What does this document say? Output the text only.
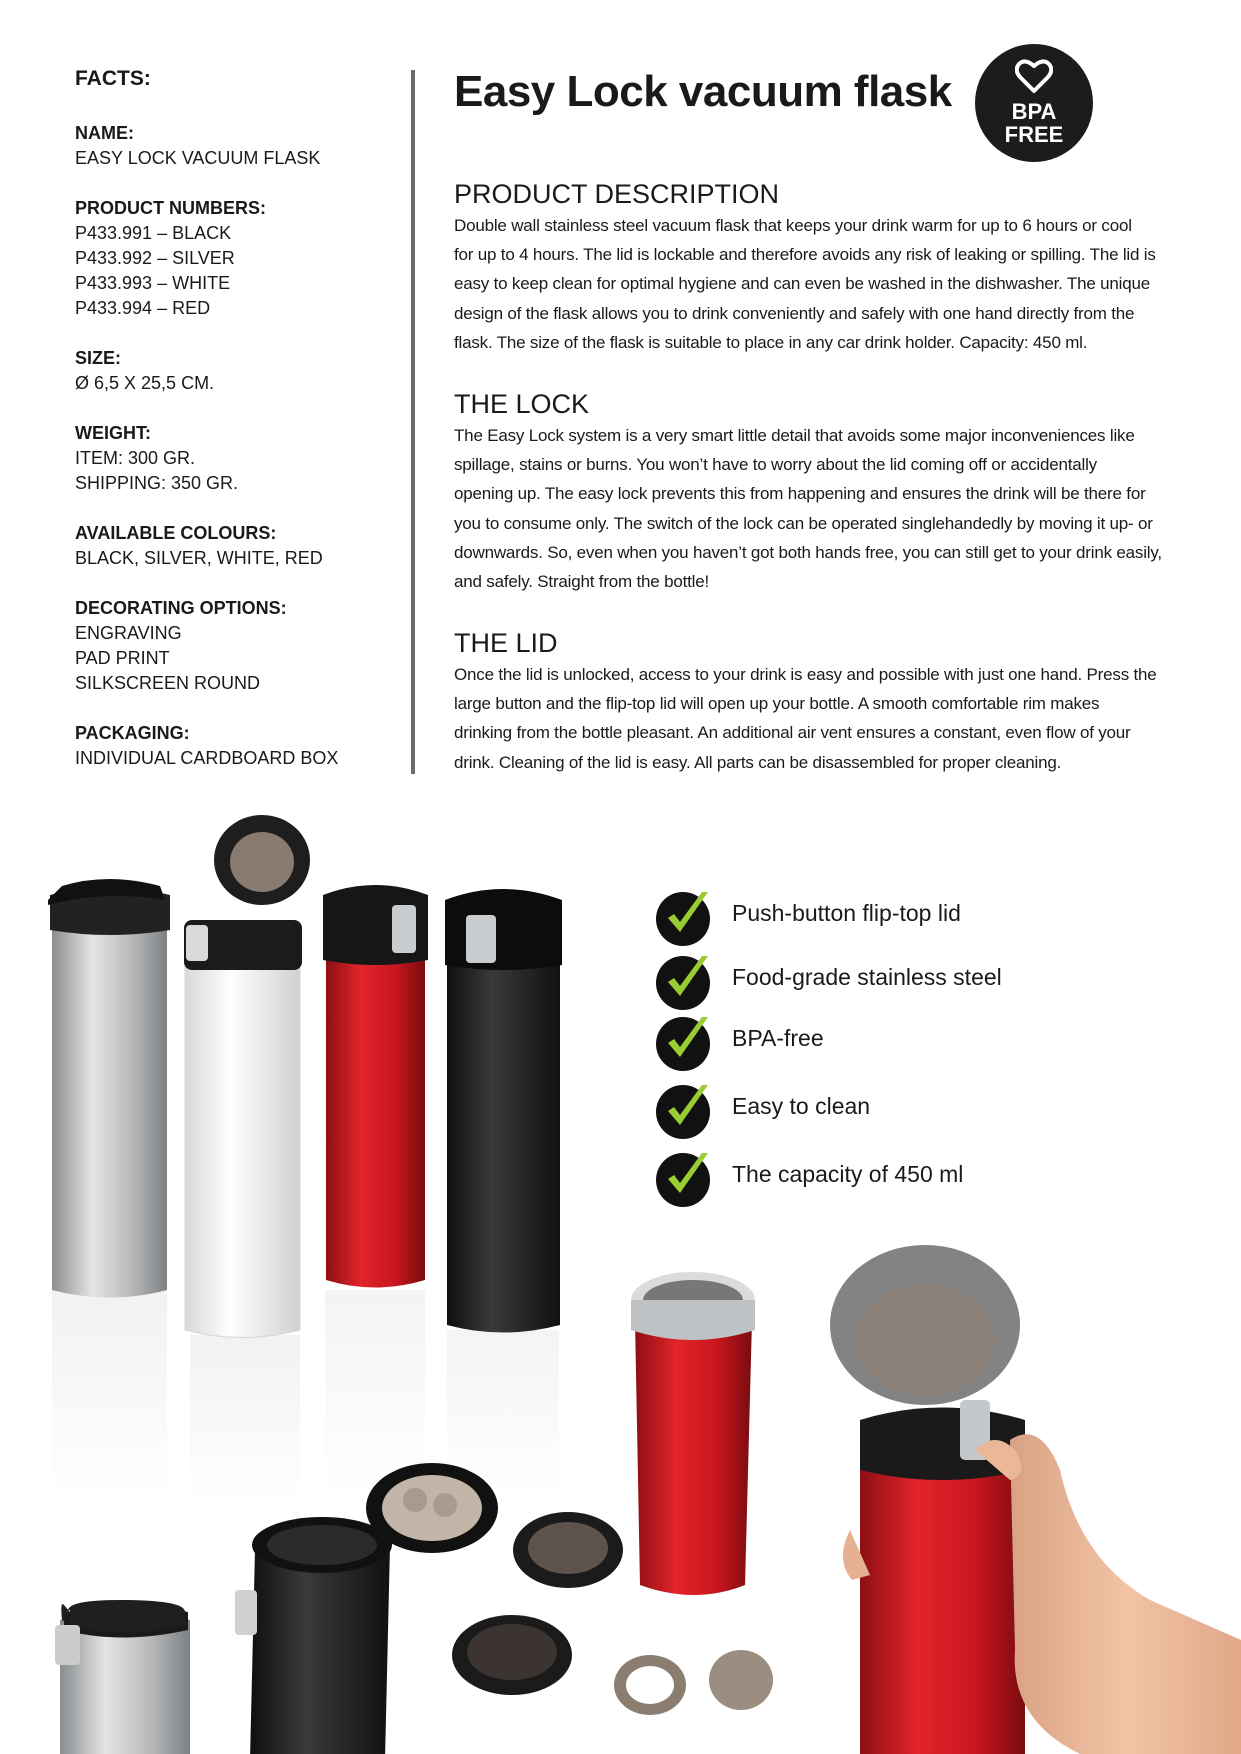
FACTS:
NAME:
EASY LOCK VACUUM FLASK
PRODUCT NUMBERS:
P433.991 – BLACK
P433.992 – SILVER
P433.993 – WHITE
P433.994 – RED
SIZE:
Ø 6,5 X 25,5 CM.
WEIGHT:
ITEM: 300 GR.
SHIPPING: 350 GR.
AVAILABLE COLOURS:
BLACK, SILVER, WHITE, RED
DECORATING OPTIONS:
ENGRAVING
PAD PRINT
SILKSCREEN ROUND
PACKAGING:
INDIVIDUAL CARDBOARD BOX
Easy Lock vacuum flask
PRODUCT DESCRIPTION

Double wall stainless steel vacuum flask that keeps your drink warm for up to 6 hours or cool

for up to 4 hours. The lid is lockable and therefore avoids any risk of leaking or spilling. The lid is

easy to keep clean for optimal hygiene and can even be washed in the dishwasher. The unique

design of the flask allows you to drink conveniently and safely with one hand directly from the

flask. The size of the flask is suitable to place in any car drink holder. Capacity: 450 ml.

THE LOCK

The Easy Lock system is a very smart little detail that avoids some major inconveniences like

spillage, stains or burns. You won’t have to worry about the lid coming off or accidentally

opening up. The easy lock prevents this from happening and ensures the drink will be there for

you to consume only. The switch of the lock can be operated singlehandedly by moving it up- or

downwards. So, even when you haven’t got both hands free, you can still get to your drink easily,

and safely. Straight from the bottle!

THE LID

Once the lid is unlocked, access to your drink is easy and possible with just one hand. Press the

large button and the flip-top lid will open up your bottle. A smooth comfortable rim makes

drinking from the bottle pleasant. An additional air vent ensures a constant, even flow of your

drink. Cleaning of the lid is easy. All parts can be disassembled for proper cleaning.

BPA
FREE
Push-button flip-top lid
Food-grade stainless steel
BPA-free
Easy to clean
The capacity of 450 ml
